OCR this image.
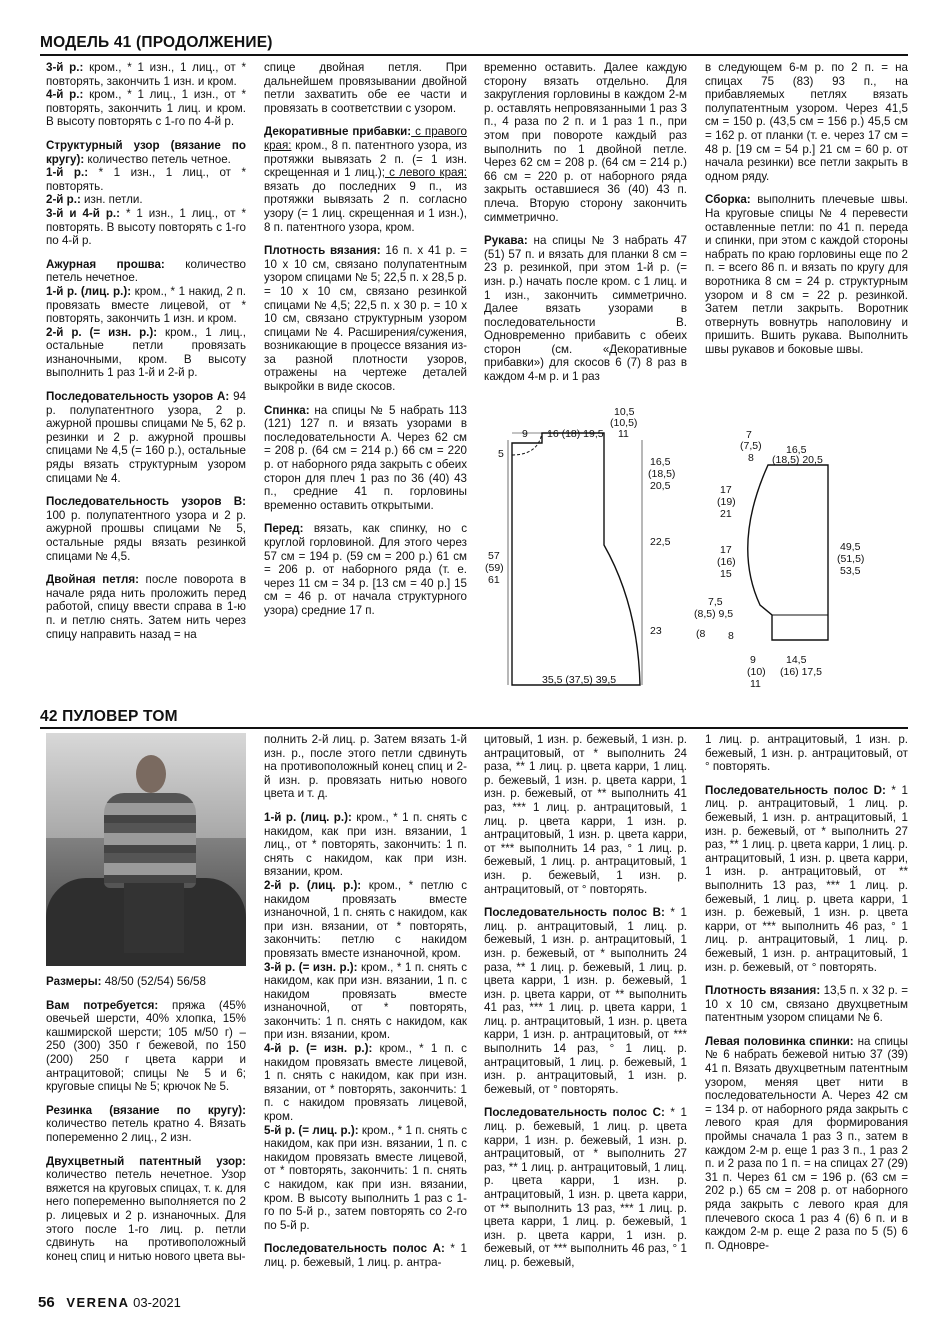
МОДЕЛЬ 41 (ПРОДОЛЖЕНИЕ)

3-й р.: кром., * 1 изн., 1 лиц., от * повторять, закончить 1 изн. и кром.
4-й р.: кром., * 1 лиц., 1 изн., от * повторять, закончить 1 лиц. и кром. В высоту повторять с 1-го по 4-й р.

Структурный узор (вязание по кругу): количество петель четное.
1-й р.: * 1 изн., 1 лиц., от * повторять.
2-й р.: изн. петли.
3-й и 4-й р.: * 1 изн., 1 лиц., от * повторять. В высоту повторять с 1-го по 4-й р.

Ажурная прошва: количество петель нечетное.
1-й р. (лиц. р.): кром., * 1 накид, 2 п. провязать вместе лицевой, от * повторять, закончить 1 изн. и кром.
2-й р. (= изн. р.): кром., 1 лиц., остальные петли провязать изнаночными, кром. В высоту выполнить 1 раз 1-й и 2-й р.

Последовательность узоров А: 94 р. полупатентного узора, 2 р. ажурной прошвы спицами № 5, 62 р. резинки и 2 р. ажурной прошвы спицами № 4,5 (= 160 р.), остальные ряды вязать структурным узором спицами № 4.

Последовательность узоров В: 100 р. полупатентного узора и 2 р. ажурной прошвы спицами № 5, остальные ряды вязать резинкой спицами № 4,5.

Двойная петля: после поворота в начале ряда нить проложить перед работой, спицу ввести справа в 1-ю п. и петлю снять. Затем нить через спицу направить назад = на

спице двойная петля. При дальнейшем провязывании двойной петли захватить обе ее части и провязать в соответствии с узором.

Декоративные прибавки: с правого края: кром., 8 п. патентного узора, из протяжки вывязать 2 п. (= 1 изн. скрещенная и 1 лиц.); с левого края: вязать до последних 9 п., из протяжки вывязать 2 п. согласно узору (= 1 лиц. скрещенная и 1 изн.), 8 п. патентного узора, кром.

Плотность вязания: 16 п. х 41 р. = 10 х 10 см, связано полупатентным узором спицами № 5; 22,5 п. х 28,5 р. = 10 х 10 см, связано резинкой спицами № 4,5; 22,5 п. х 30 р. = 10 х 10 см, связано структурным узором спицами № 4. Расширения/сужения, возникающие в процессе вязания из-за разной плотности узоров, отражены на чертеже деталей выкройки в виде скосов.

Спинка: на спицы № 5 набрать 113 (121) 127 п. и вязать узорами в последовательности А. Через 62 см = 208 р. (64 см = 214 р.) 66 см = 220 р. от наборного ряда закрыть с обеих сторон для плеч 1 раз по 36 (40) 43 п., средние 41 п. горловины временно оставить открытыми.

Перед: вязать, как спинку, но с круглой горловиной. Для этого через 57 см = 194 р. (59 см = 200 р.) 61 см = 206 р. от наборного ряда (т. е. через 11 см = 34 р. [13 см = 40 р.] 15 см = 46 р. от начала структурного узора) средние 17 п.

временно оставить. Далее каждую сторону вязать отдельно. Для закругления горловины в каждом 2-м р. оставлять непровязанными 1 раз 3 п., 4 раза по 2 п. и 1 раз 1 п., при этом при повороте каждый раз выполнить по 1 двойной петле. Через 62 см = 208 р. (64 см = 214 р.) 66 см = 220 р. от наборного ряда закрыть оставшиеся 36 (40) 43 п. плеча. Вторую сторону закончить симметрично.

Рукава: на спицы № 3 набрать 47 (51) 57 п. и вязать для планки 8 см = 23 р. резинкой, при этом 1-й р. (= изн. р.) начать после кром. с 1 лиц. и 1 изн., закончить симметрично. Далее вязать узорами в последовательности В. Одновременно прибавить с обеих сторон (см. «Декоративные прибавки») для скосов 6 (7) 8 раз в каждом 4-м р. и 1 раз

в следующем 6-м р. по 2 п. = на спицах 75 (83) 93 п., на прибавляемых петлях вязать полупатентным узором. Через 41,5 см = 150 р. (43,5 см = 156 р.) 45,5 см = 162 р. от планки (т. е. через 17 см = 48 р. [19 см = 54 р.] 21 см = 60 р. от начала резинки) все петли закрыть в одном ряду.

Сборка: выполнить плечевые швы. На круговые спицы № 4 перевести оставленные петли: по 41 п. переда и спинки, при этом с каждой стороны набрать по краю горловины еще по 2 п. = всего 86 п. и вязать по кругу для воротника 8 см = 24 р. структурным узором и 8 см = 22 р. резинкой. Затем петли закрыть. Воротник отвернуть вовнутрь наполовину и пришить. Вшить рукава. Выполнить швы рукавов и боковые швы.

9 16 (18) 19,5
10,5
(10,5)
11
5
16,5
(18,5)
20,5
22,5
23
57
(59)
61
35,5 (37,5) 39,5
7
(7,5)
8
16,5
(18,5) 20,5
17
(19)
21
17
(16)
15
7,5
(8,5) 9,5
(8 8
49,5
(51,5)
53,5
9
(10)
11
14,5
(16) 17,5
42 ПУЛОВЕР ТОМ

Размеры: 48/50 (52/54) 56/58

Вам потребуется: пряжа (45% овечьей шерсти, 40% хлопка, 15% кашмирской шерсти; 105 м/50 г) – 250 (300) 350 г бежевой, по 150 (200) 250 г цвета карри и антрацитовой; спицы № 5 и 6; круговые спицы № 5; крючок № 5.

Резинка (вязание по кругу): количество петель кратно 4. Вязать попеременно 2 лиц., 2 изн.

Двухцветный патентный узор: количество петель нечетное. Узор вяжется на круговых спицах, т. к. для него попеременно выполняется по 2 р. лицевых и 2 р. изнаночных. Для этого после 1-го лиц. р. петли сдвинуть на противоположный конец спиц и нитью нового цвета вы-

полнить 2-й лиц. р. Затем вязать 1-й изн. р., после этого петли сдвинуть на противоположный конец спиц и 2-й изн. р. провязать нитью нового цвета и т. д.

1-й р. (лиц. р.): кром., * 1 п. снять с накидом, как при изн. вязании, 1 лиц., от * повторять, закончить: 1 п. снять с накидом, как при изн. вязании, кром.

2-й р. (лиц. р.): кром., * петлю с накидом провязать вместе изнаночной, 1 п. снять с накидом, как при изн. вязании, от * повторять, закончить: петлю с накидом провязать вместе изнаночной, кром.

3-й р. (= изн. р.): кром., * 1 п. снять с накидом, как при изн. вязании, 1 п. с накидом провязать вместе изнаночной, от * повторять, закончить: 1 п. снять с накидом, как при изн. вязании, кром.

4-й р. (= изн. р.): кром., * 1 п. с накидом провязать вместе лицевой, 1 п. снять с накидом, как при изн. вязании, от * повторять, закончить: 1 п. с накидом провязать лицевой, кром.

5-й р. (= лиц. р.): кром., * 1 п. снять с накидом, как при изн. вязании, 1 п. с накидом провязать вместе лицевой, от * повторять, закончить: 1 п. снять с накидом, как при изн. вязании, кром. В высоту выполнить 1 раз с 1-го по 5-й р., затем повторять со 2-го по 5-й р.

Последовательность полос А: * 1 лиц. р. бежевый, 1 лиц. р. антра-

цитовый, 1 изн. р. бежевый, 1 изн. р. антрацитовый, от * выполнить 24 раза, ** 1 лиц. р. цвета карри, 1 лиц. р. бежевый, 1 изн. р. цвета карри, 1 изн. р. бежевый, от ** выполнить 41 раз, *** 1 лиц. р. антрацитовый, 1 лиц. р. цвета карри, 1 изн. р. антрацитовый, 1 изн. р. цвета карри, от *** выполнить 14 раз, ° 1 лиц. р. бежевый, 1 лиц. р. антрацитовый, 1 изн. р. бежевый, 1 изн. р. антрацитовый, от ° повторять.

Последовательность полос В: * 1 лиц. р. антрацитовый, 1 лиц. р. бежевый, 1 изн. р. антрацитовый, 1 изн. р. бежевый, от * выполнить 24 раза, ** 1 лиц. р. бежевый, 1 лиц. р. цвета карри, 1 изн. р. бежевый, 1 изн. р. цвета карри, от ** выполнить 41 раз, *** 1 лиц. р. цвета карри, 1 лиц. р. антрацитовый, 1 изн. р. цвета карри, 1 изн. р. антрацитовый, от *** выполнить 14 раз, ° 1 лиц. р. антрацитовый, 1 лиц. р. бежевый, 1 изн. р. антрацитовый, 1 изн. р. бежевый, от ° повторять.

Последовательность полос С: * 1 лиц. р. бежевый, 1 лиц. р. цвета карри, 1 изн. р. бежевый, 1 изн. р. антрацитовый, от * выполнить 27 раз, ** 1 лиц. р. антрацитовый, 1 лиц. р. цвета карри, 1 изн. р. антрацитовый, 1 изн. р. цвета карри, от ** выполнить 13 раз, *** 1 лиц. р. цвета карри, 1 лиц. р. бежевый, 1 изн. р. цвета карри, 1 изн. р. бежевый, от *** выполнить 46 раз, ° 1 лиц. р. бежевый,

1 лиц. р. антрацитовый, 1 изн. р. бежевый, 1 изн. р. антрацитовый, от ° повторять.

Последовательность полос D: * 1 лиц. р. антрацитовый, 1 лиц. р. бежевый, 1 изн. р. антрацитовый, 1 изн. р. бежевый, от * выполнить 27 раз, ** 1 лиц. р. цвета карри, 1 лиц. р. антрацитовый, 1 изн. р. цвета карри, 1 изн. р. антрацитовый, от ** выполнить 13 раз, *** 1 лиц. р. бежевый, 1 лиц. р. цвета карри, 1 изн. р. бежевый, 1 изн. р. цвета карри, от *** выполнить 46 раз, ° 1 лиц. р. антрацитовый, 1 лиц. р. бежевый, 1 изн. р. антрацитовый, 1 изн. р. бежевый, от ° повторять.

Плотность вязания: 13,5 п. х 32 р. = 10 х 10 см, связано двухцветным патентным узором спицами № 6.

Левая половинка спинки: на спицы № 6 набрать бежевой нитью 37 (39) 41 п. Вязать двухцветным патентным узором, меняя цвет нити в последовательности А. Через 42 см = 134 р. от наборного ряда закрыть с левого края для формирования проймы сначала 1 раз 3 п., затем в каждом 2-м р. еще 1 раз 3 п., 1 раз 2 п. и 2 раза по 1 п. = на спицах 27 (29) 31 п. Через 61 см = 196 р. (63 см = 202 р.) 65 см = 208 р. от наборного ряда закрыть с левого края для плечевого скоса 1 раз 4 (6) 6 п. и в каждом 2-м р. еще 2 раза по 5 (5) 6 п. Одновре-

56 VERENA 03-2021
